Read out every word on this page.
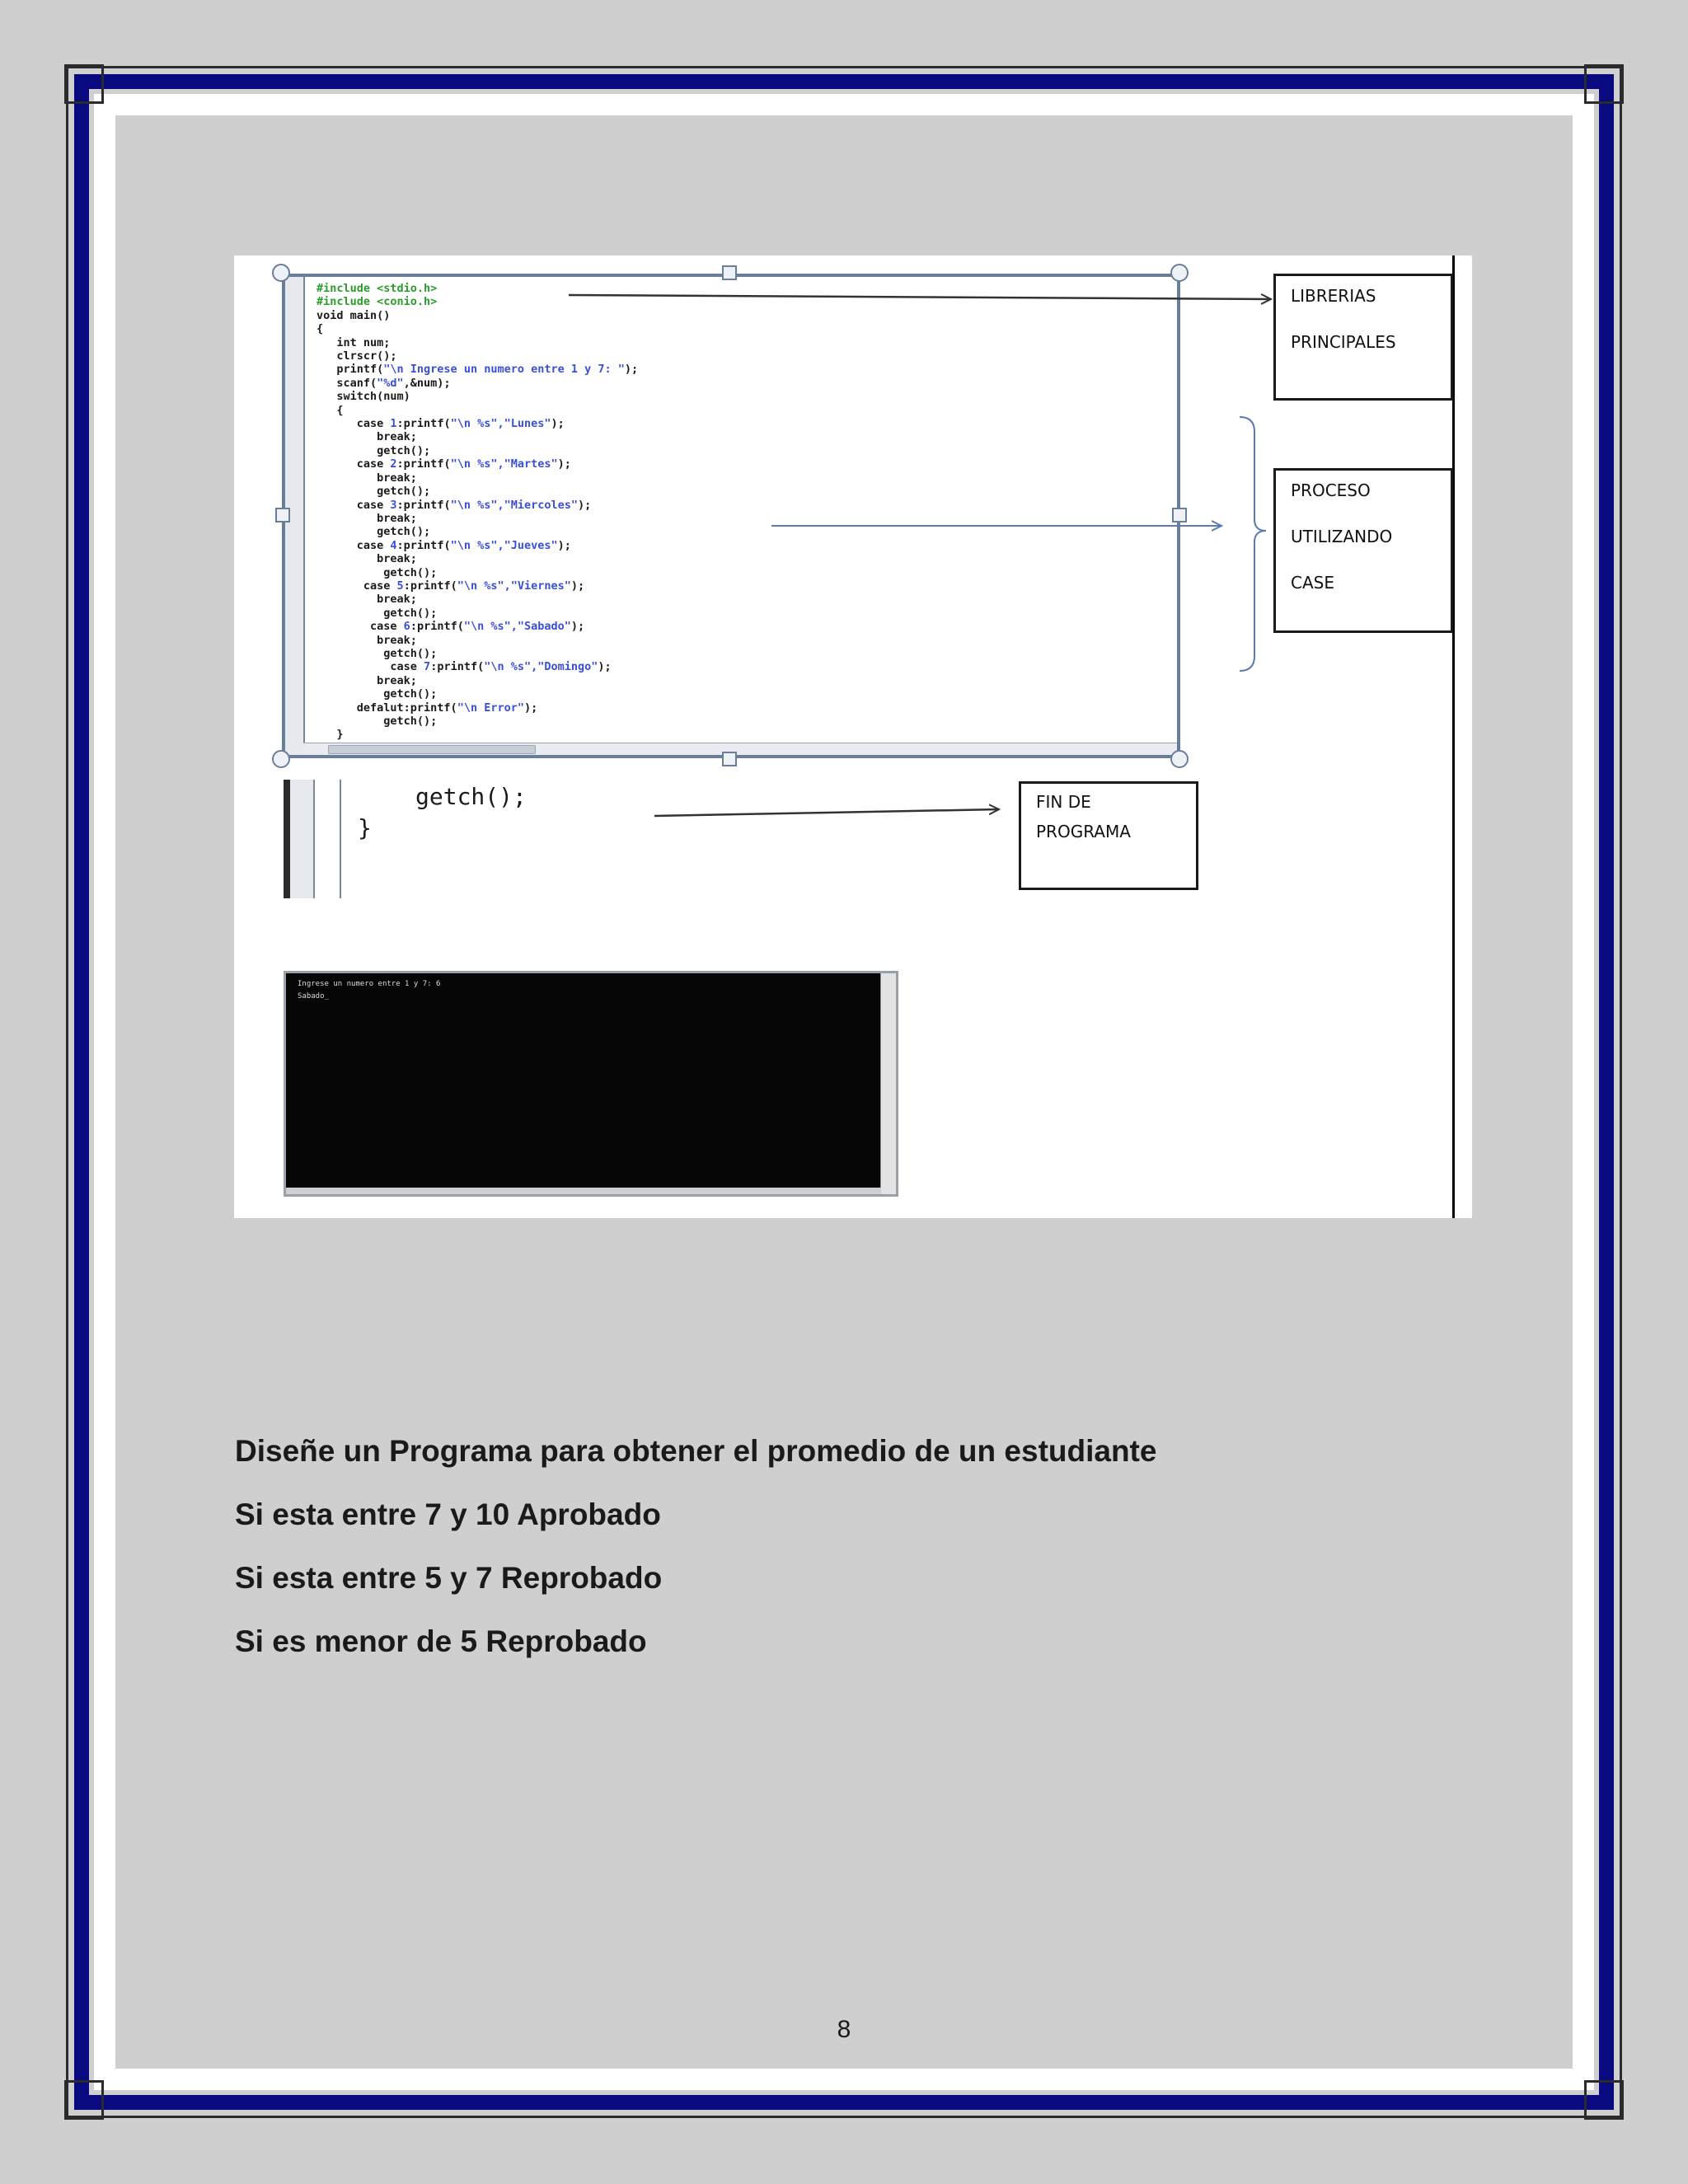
#include <stdio.h>
#include <conio.h>
void main()
{
int num;
clrscr();
printf("\n Ingrese un numero entre 1 y 7: ");
scanf("%d",&num);
switch(num)
{
case 1:printf("\n %s","Lunes");
break;
getch();
case 2:printf("\n %s","Martes");
break;
getch();
case 3:printf("\n %s","Miercoles");
break;
getch();
case 4:printf("\n %s","Jueves");
break;
getch();
case 5:printf("\n %s","Viernes");
break;
getch();
case 6:printf("\n %s","Sabado");
break;
getch();
case 7:printf("\n %s","Domingo");
break;
getch();
defalut:printf("\n Error");
getch();
}
getch();
}
Ingrese un numero entre 1 y 7: 6
Sabado_
LIBRERIAS
PRINCIPALES
PROCESO
UTILIZANDO
CASE
FIN DE
PROGRAMA
Diseñe un Programa para obtener el promedio de un estudiante
Si esta entre 7 y 10 Aprobado
Si esta entre 5 y 7 Reprobado
Si es menor de 5 Reprobado
8
